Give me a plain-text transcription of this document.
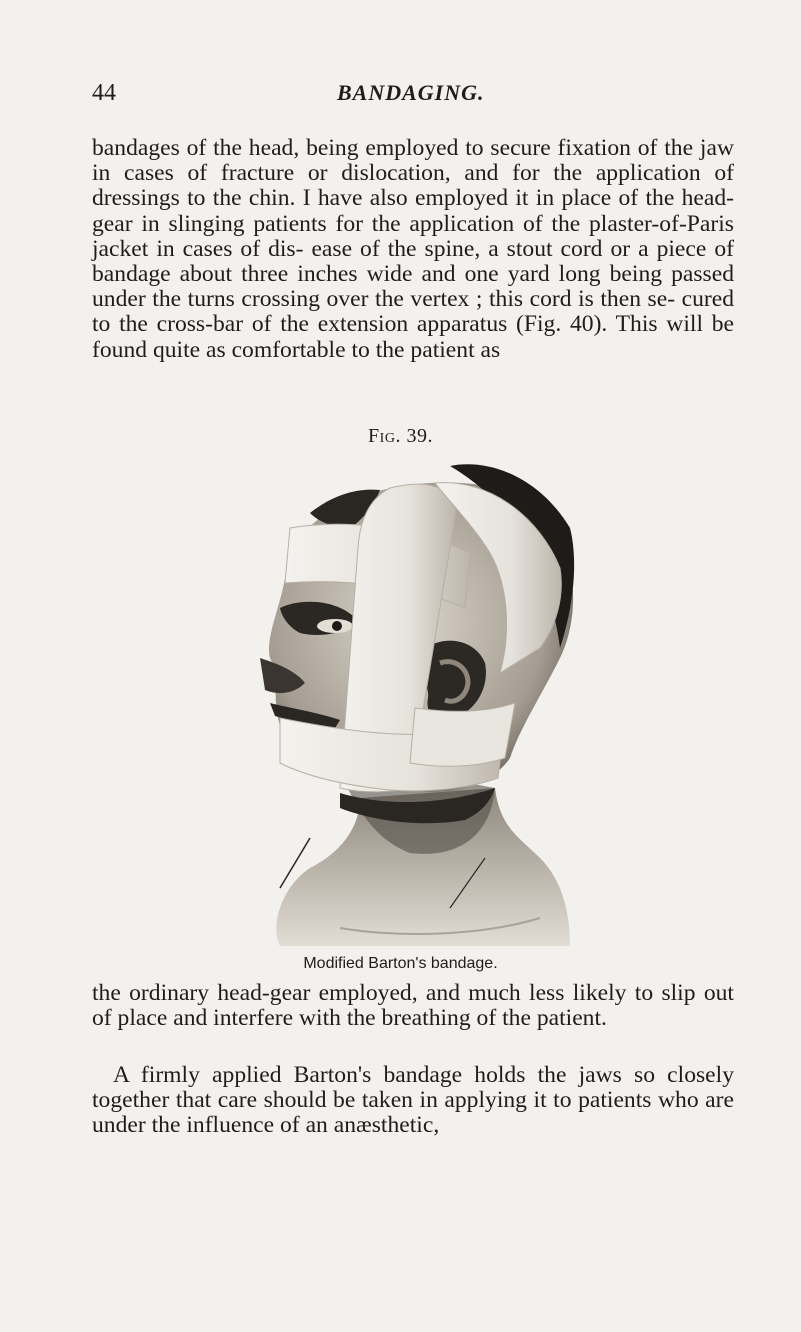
44	BANDAGING.

bandages of the head, being employed to secure fixation of the jaw in cases of fracture or dislocation, and for the application of dressings to the chin. I have also employed it in place of the head-gear in slinging patients for the application of the plaster-of-Paris jacket in cases of dis- ease of the spine, a stout cord or a piece of bandage about three inches wide and one yard long being passed under the turns crossing over the vertex ; this cord is then se- cured to the cross-bar of the extension apparatus (Fig. 40). This will be found quite as comfortable to the patient as

Fig. 39.
Modified Barton's bandage.

the ordinary head-gear employed, and much less likely to slip out of place and interfere with the breathing of the patient.

A firmly applied Barton's bandage holds the jaws so closely together that care should be taken in applying it to patients who are under the influence of an anæsthetic,
